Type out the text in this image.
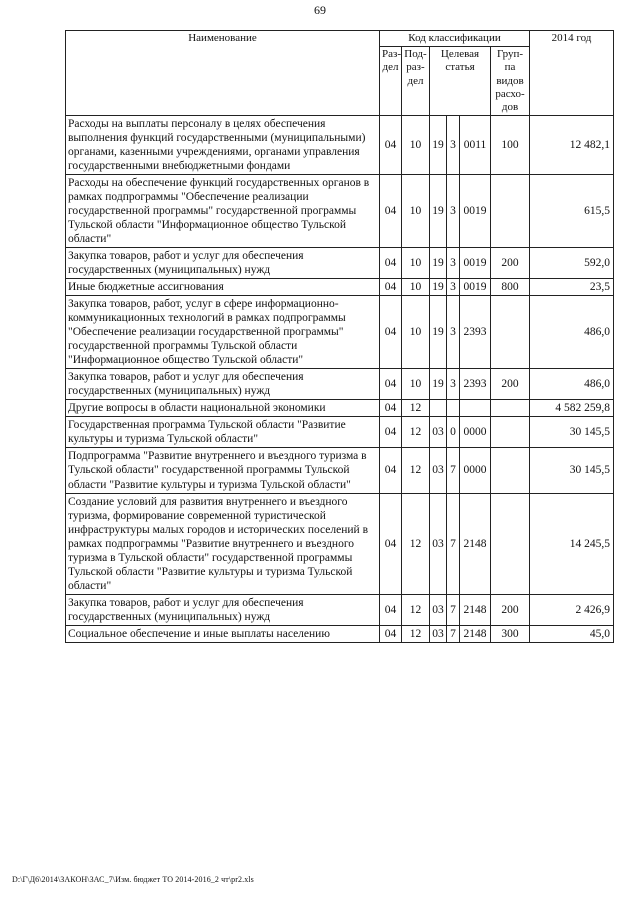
69
Наименование	Код классификации						2014 год
	Раз-дел	Под-раз-дел	Целевая статья			Груп-па видов расхо-дов	
Расходы на выплаты персоналу в целях обеспечения выполнения функций государственными (муниципальными) органами, казенными учреждениями, органами управления государственными внебюджетными фондами	04	10	19	3	0011	100	12 482,1
Расходы на обеспечение функций государственных органов в рамках подпрограммы "Обеспечение реализации государственной программы" государственной программы Тульской области "Информационное общество Тульской области"	04	10	19	3	0019		615,5
Закупка товаров, работ и услуг для обеспечения государственных (муниципальных) нужд	04	10	19	3	0019	200	592,0
Иные бюджетные ассигнования	04	10	19	3	0019	800	23,5
Закупка товаров, работ, услуг в сфере информационно-коммуникационных технологий в рамках подпрограммы "Обеспечение реализации государственной программы" государственной программы Тульской области "Информационное общество Тульской области"	04	10	19	3	2393		486,0
Закупка товаров, работ и услуг для обеспечения государственных (муниципальных) нужд	04	10	19	3	2393	200	486,0
Другие вопросы в области национальной экономики	04	12					4 582 259,8
Государственная программа Тульской области "Развитие культуры и туризма Тульской области"	04	12	03	0	0000		30 145,5
Подпрограмма "Развитие внутреннего и въездного туризма в Тульской области" государственной программы Тульской области "Развитие культуры и туризма Тульской области"	04	12	03	7	0000		30 145,5
Создание условий для развития внутреннего и въездного туризма, формирование современной туристической инфраструктуры малых городов и исторических поселений в рамках подпрограммы "Развитие внутреннего и въездного туризма в Тульской области" государственной программы Тульской области "Развитие культуры и туризма Тульской области"	04	12	03	7	2148		14 245,5
Закупка товаров, работ и услуг для обеспечения государственных (муниципальных) нужд	04	12	03	7	2148	200	2 426,9
Социальное обеспечение и иные выплаты населению	04	12	03	7	2148	300	45,0
D:\Г\Д6\2014\ЗАКОН\ЗАС_7\Изм. бюджет ТО 2014-2016_2 чт\pr2.xls
